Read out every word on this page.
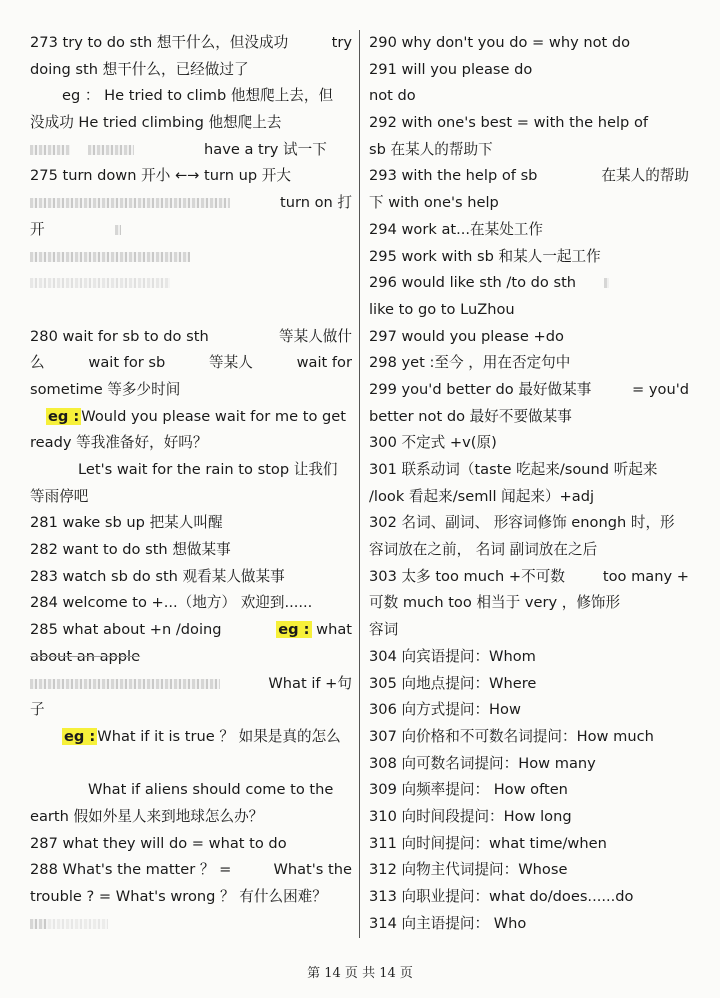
273 try to do sth 想干什么，但没成功	try
doing sth 想干什么，已经做过了
eg ： He tried to climb 他想爬上去，但
没成功 He tried climbing 他想爬上去
have a try 试一下
275 turn down 开小 ←→ turn up 开大
turn on 打
开
280 wait for sb to do sth	等某人做什
么	wait for sb	等某人	wait for
sometime 等多少时间
eg : Would you please wait for me to get
ready 等我准备好，好吗？
Let's wait for the rain to stop 让我们
等雨停吧
281 wake sb up 把某人叫醒
282 want to do sth 想做某事
283 watch sb do sth 观看某人做某事
284 welcome to +...（地方） 欢迎到......
285 what about +n /doing	eg : what
about an apple
What if +句
子
eg : What if it is true ？ 如果是真的怎么
What if aliens should come to the
earth 假如外星人来到地球怎么办？
287 what they will do = what to do
288 What's the matter ？ =	What's the
trouble ? = What's wrong ？ 有什么困难？
290 why don't you do = why not do
291 will you please do
not do
292 with one's best = with the help of
sb 在某人的帮助下
293 with the help of sb	在某人的帮助
下 with one's help
294 work at...在某处工作
295 work with sb 和某人一起工作
296 would like sth /to do sth
like to go to LuZhou
297 would you please +do
298 yet :至今 ，用在否定句中
299 you'd better do 最好做某事	= you'd
better not do 最好不要做某事
300 不定式 +v(原)
301 联系动词（taste 吃起来/sound 听起来
/look 看起来/semll 闻起来）+adj
302 名词、副词、 形容词修饰 enongh 时，形
容词放在之前， 名词 副词放在之后
303 太多 too much +不可数	too many +
可数 much too 相当于 very ，修饰形
容词
304 向宾语提问：Whom
305 向地点提问：Where
306 向方式提问：How
307 向价格和不可数名词提问：How much
308 向可数名词提问：How many
309 向频率提问： How often
310 向时间段提问：How long
311 向时间提问：what time/when
312 向物主代词提问：Whose
313 向职业提问：what do/does......do
314 向主语提问： Who
第 14 页 共 14 页
